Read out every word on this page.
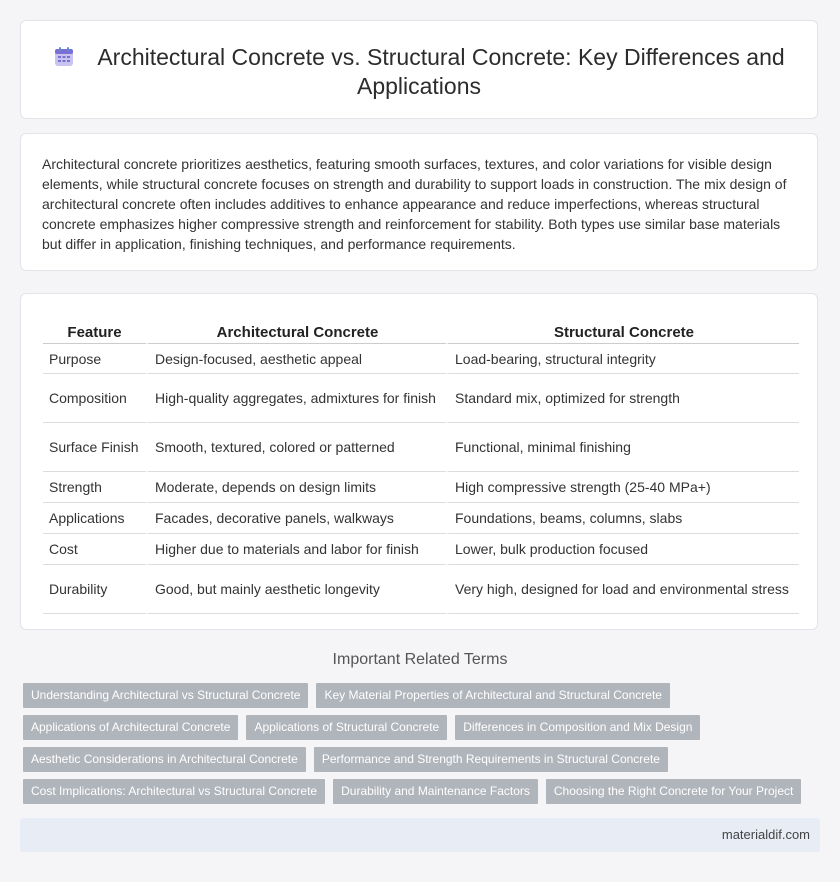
Architectural Concrete vs. Structural Concrete: Key Differences and Applications

Architectural concrete prioritizes aesthetics, featuring smooth surfaces, textures, and color variations for visible design elements, while structural concrete focuses on strength and durability to support loads in construction. The mix design of architectural concrete often includes additives to enhance appearance and reduce imperfections, whereas structural concrete emphasizes higher compressive strength and reinforcement for stability. Both types use similar base materials but differ in application, finishing techniques, and performance requirements.

Feature	Architectural Concrete	Structural Concrete
Purpose	Design-focused, aesthetic appeal	Load-bearing, structural integrity
Composition	High-quality aggregates, admixtures for finish	Standard mix, optimized for strength
Surface Finish	Smooth, textured, colored or patterned	Functional, minimal finishing
Strength	Moderate, depends on design limits	High compressive strength (25-40 MPa+)
Applications	Facades, decorative panels, walkways	Foundations, beams, columns, slabs
Cost	Higher due to materials and labor for finish	Lower, bulk production focused
Durability	Good, but mainly aesthetic longevity	Very high, designed for load and environmental stress
Important Related Terms
Understanding Architectural vs Structural Concrete Key Material Properties of Architectural and Structural Concrete
Applications of Architectural Concrete Applications of Structural Concrete Differences in Composition and Mix Design
Aesthetic Considerations in Architectural Concrete Performance and Strength Requirements in Structural Concrete
Cost Implications: Architectural vs Structural Concrete Durability and Maintenance Factors Choosing the Right Concrete for Your Project
materialdif.com
